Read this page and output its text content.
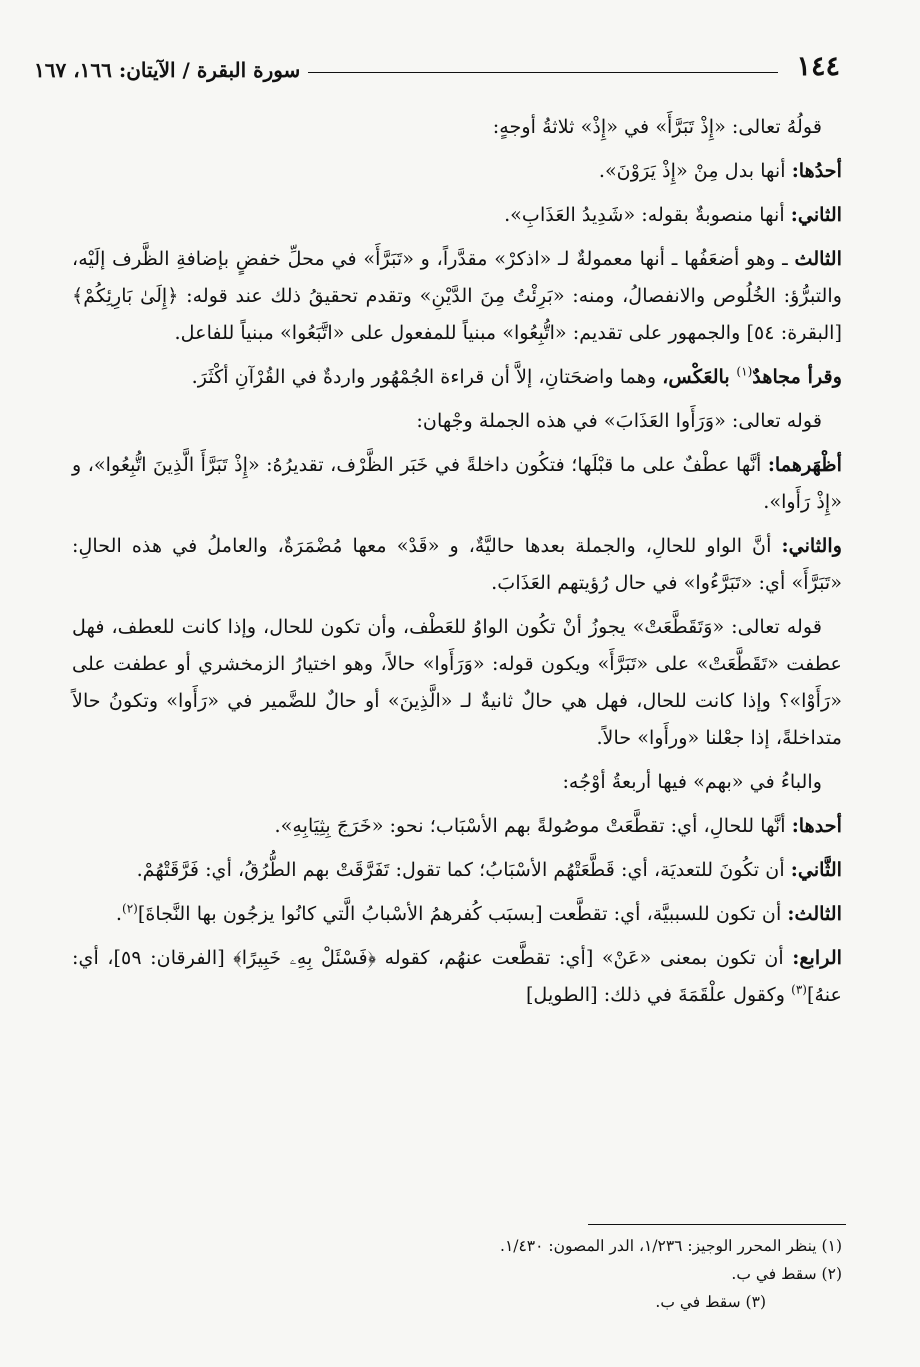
١٤٤
سورة البقرة / الآيتان: ١٦٦، ١٦٧

قولُهُ تعالى: «إِذْ تَبَرَّأَ» في «إِذْ» ثلاثةُ أوجهٍ:

أحدُها: أنها بدل مِنْ «إِذْ يَرَوْنَ».

الثاني: أنها منصوبةٌ بقوله: «شَدِيدُ العَذَابِ».

الثالث ـ وهو أضعَفُها ـ أنها معمولةٌ لـ «اذكرْ» مقدَّراً، و «تَبَرَّأَ» في محلِّ خفضٍ بإضافةِ الظَّرف إلَيْه، والتبرُّؤ: الخُلُوص والانفصالُ، ومنه: «بَرِئْتُ مِنَ الدَّيْنِ» وتقدم تحقيقُ ذلك عند قوله: ﴿إِلَىٰ بَارِئِكُمْ﴾ [البقرة: ٥٤] والجمهور على تقديم: «اتُّبِعُوا» مبنياً للمفعول على «اتَّبَعُوا» مبنياً للفاعل.

وقرأ مجاهدٌ$^{(١)}$ بالعَكْس، وهما واضحَتانِ، إلاَّ أن قراءة الجُمْهُور واردةٌ في القُرْآنِ أكْثَرَ.

قوله تعالى: «وَرَأَوا العَذَابَ» في هذه الجملة وجْهان:

أظْهَرهما: أنَّها عطْفٌ على ما قبْلَها؛ فتكُون داخلةً في خَبَر الظَّرْف، تقديرُهُ: «إِذْ تَبَرَّأَ الَّذِينَ اتُّبِعُوا»، و «إِذْ رَأَوا».

والثاني: أنَّ الواو للحالِ، والجملة بعدها حاليَّةٌ، و «قَدْ» معها مُضْمَرَةٌ، والعاملُ في هذه الحالِ: «تَبَرَّأَ» أي: «تَبَرَّءُوا» في حال رُؤيتهم العَذَابَ.

قوله تعالى: «وَتَقَطَّعَتْ» يجوزُ أنْ تكُون الواوُ للعَطْف، وأن تكون للحال، وإذا كانت للعطف، فهل عطفت «تَقَطَّعَتْ» على «تَبَرَّأَ» ويكون قوله: «وَرَأَوا» حالاً، وهو اختيارُ الزمخشري أو عطفت على «رَأَوْا»؟ وإذا كانت للحال، فهل هي حالٌ ثانيةٌ لـ «الَّذِينَ» أو حالٌ للضَّمير في «رَأَوا» وتكونُ حالاً متداخلةً، إذا جعْلنا «ورأَوا» حالاً.

والباءُ في «بهم» فيها أربعةُ أوْجُه:

أحدها: أنَّها للحالِ، أي: تقطَّعَتْ موصُولةً بهم الأسْبَاب؛ نحو: «خَرَجَ بِثِيَابِهِ».

الثَّاني: أن تكُونَ للتعديَة، أي: قَطَّعَتْهُم الأسْبَابُ؛ كما تقول: تَفَرَّقَتْ بهم الطُّرُقُ، أي: فَرَّقَتْهُمْ.

الثالث: أن تكون للسببيَّة، أي: تقطَّعت [بسبَب كُفرهمُ الأسْبابُ الَّتي كانُوا يزجُون بها النَّجاةَ]$^{(٢)}$.

الرابع: أن تكون بمعنى «عَنْ» [أي: تقطَّعت عنهُم، كقوله ﴿فَسْئَلْ بِهِۦ خَبِيرًا﴾ [الفرقان: ٥٩]، أي: عنهُ]$^{(٣)}$ وكقول علْقَمَةَ في ذلك: [الطويل]

(١) ينظر المحرر الوجيز: ١/٢٣٦، الدر المصون: ١/٤٣٠.
(٢) سقط في ب.
(٣) سقط في ب.
